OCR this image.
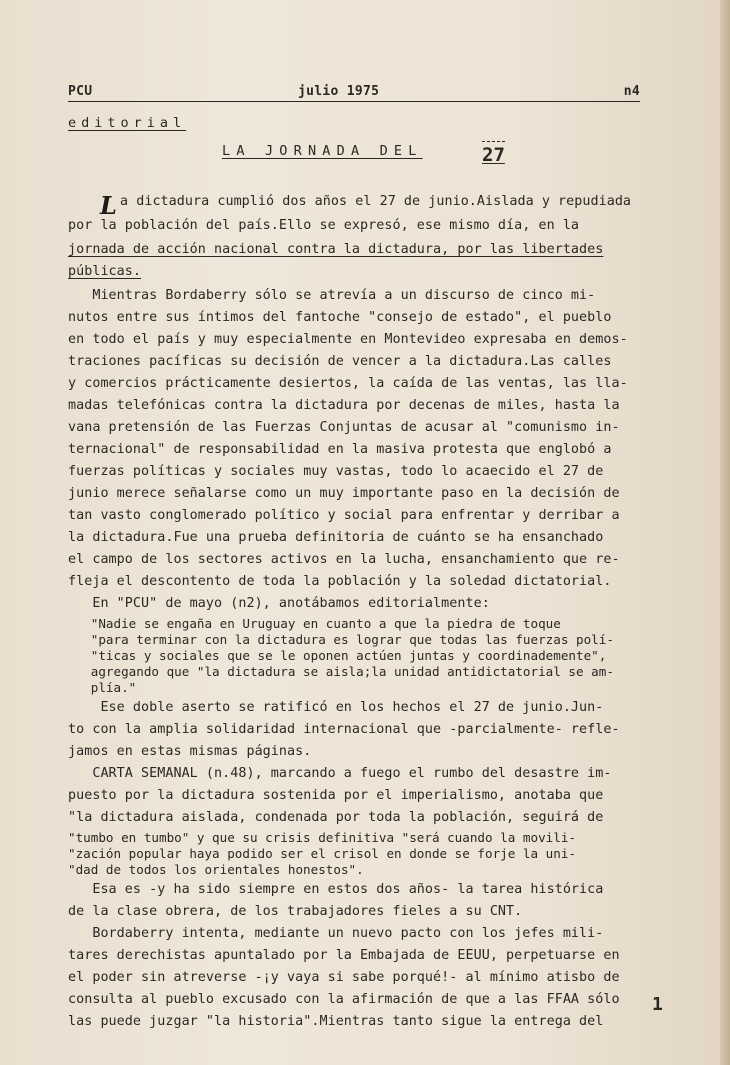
PCU	julio 1975	n4
editorial
LA JORNADA DEL	27
L a dictadura cumplió dos años el 27 de junio.Aislada y repudiada
por la población del país.Ello se expresó, ese mismo día, en la
jornada de acción nacional contra la dictadura, por las libertades
públicas.
Mientras Bordaberry sólo se atrevía a un discurso de cinco mi-
nutos entre sus íntimos del fantoche "consejo de estado", el pueblo
en todo el país y muy especialmente en Montevideo expresaba en demos-
traciones pacíficas su decisión de vencer a la dictadura.Las calles
y comercios prácticamente desiertos, la caída de las ventas, las lla-
madas telefónicas contra la dictadura por decenas de miles, hasta la
vana pretensión de las Fuerzas Conjuntas de acusar al "comunismo in-
ternacional" de responsabilidad en la masiva protesta que englobó a
fuerzas políticas y sociales muy vastas, todo lo acaecido el 27 de
junio merece señalarse como un muy importante paso en la decisión de
tan vasto conglomerado político y social para enfrentar y derribar a
la dictadura.Fue una prueba definitoria de cuánto se ha ensanchado
el campo de los sectores activos en la lucha, ensanchamiento que re-
fleja el descontento de toda la población y la soledad dictatorial.
En "PCU" de mayo (n2), anotábamos editorialmente:
"Nadie se engaña en Uruguay en cuanto a que la piedra de toque
"para terminar con la dictadura es lograr que todas las fuerzas polí-
"ticas y sociales que se le oponen actúen juntas y coordinademente",
agregando que "la dictadura se aisla;la unidad antidictatorial se am-
plía."
Ese doble aserto se ratificó en los hechos el 27 de junio.Jun-
to con la amplia solidaridad internacional que -parcialmente- refle-
jamos en estas mismas páginas.
CARTA SEMANAL (n.48), marcando a fuego el rumbo del desastre im-
puesto por la dictadura sostenida por el imperialismo, anotaba que
"la dictadura aislada, condenada por toda la población, seguirá de
"tumbo en tumbo" y que su crisis definitiva "será cuando la movili-
"zación popular haya podido ser el crisol en donde se forje la uni-
"dad de todos los orientales honestos".
Esa es -y ha sido siempre en estos dos años- la tarea histórica
de la clase obrera, de los trabajadores fieles a su CNT.
Bordaberry intenta, mediante un nuevo pacto con los jefes mili-
tares derechistas apuntalado por la Embajada de EEUU, perpetuarse en
el poder sin atreverse -¡y vaya si sabe porqué!- al mínimo atisbo de
consulta al pueblo excusado con la afirmación de que a las FFAA sólo
las puede juzgar "la historia".Mientras tanto sigue la entrega del
1
